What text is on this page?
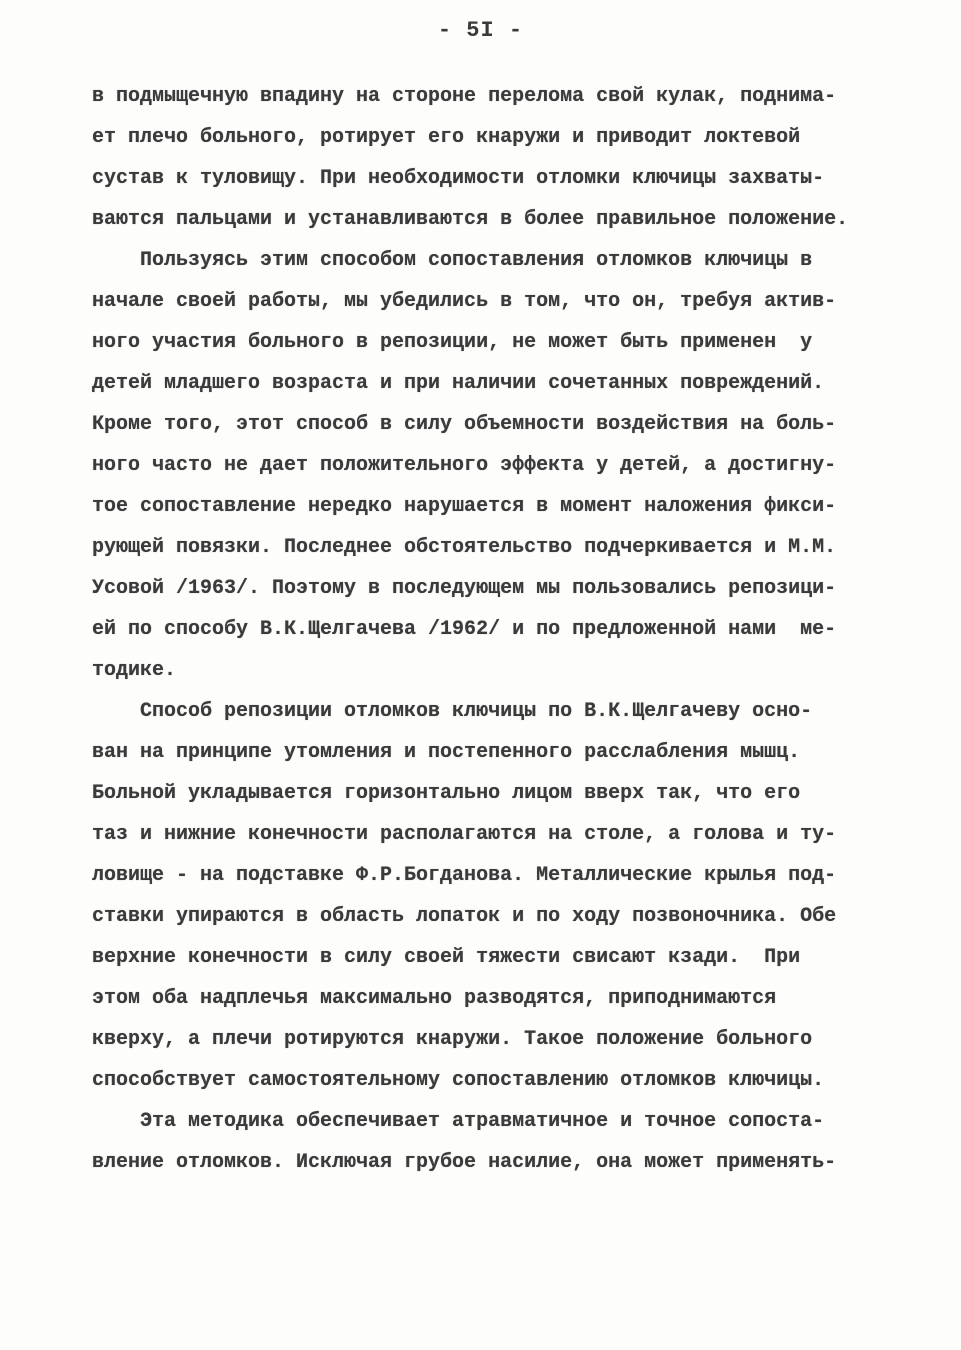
- 5I -
в подмыщечную впадину на стороне перелома свой кулак, поднима-
ет плечо больного, ротирует его кнаружи и приводит локтевой
сустав к туловищу. При необходимости отломки ключицы захваты-
ваются пальцами и устанавливаются в более правильное положение.
Пользуясь этим способом сопоставления отломков ключицы в
начале своей работы, мы убедились в том, что он, требуя актив-
ного участия больного в репозиции, не может быть применен  у
детей младшего возраста и при наличии сочетанных повреждений.
Кроме того, этот способ в силу объемности воздействия на боль-
ного часто не дает положительного эффекта у детей, а достигну-
тое сопоставление нередко нарушается в момент наложения фикси-
рующей повязки. Последнее обстоятельство подчеркивается и М.М.
Усовой /1963/. Поэтому в последующем мы пользовались репозици-
ей по способу В.К.Щелгачева /1962/ и по предложенной нами  ме-
тодике.
Способ репозиции отломков ключицы по В.К.Щелгачеву осно-
ван на принципе утомления и постепенного расслабления мышц.
Больной укладывается горизонтально лицом вверх так, что его
таз и нижние конечности располагаются на столе, а голова и ту-
ловище - на подставке Ф.Р.Богданова. Металлические крылья под-
ставки упираются в область лопаток и по ходу позвоночника. Обе
верхние конечности в силу своей тяжести свисают кзади.  При
этом оба надплечья максимально разводятся, приподнимаются
кверху, а плечи ротируются кнаружи. Такое положение больного
способствует самостоятельному сопоставлению отломков ключицы.
Эта методика обеспечивает атравматичное и точное сопоста-
вление отломков. Исключая грубое насилие, она может применять-
